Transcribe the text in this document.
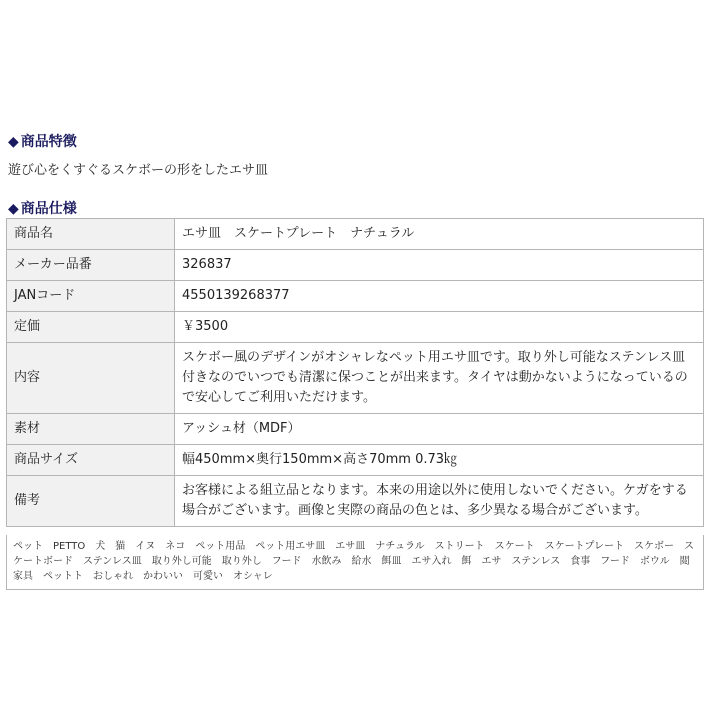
◆ 商品特徴
遊び心をくすぐるスケボーの形をしたエサ皿
◆ 商品仕様
商品名	エサ皿　スケートプレート　ナチュラル
メーカー品番	326837
JANコード	4550139268377
定価	￥3500
内容	スケボー風のデザインがオシャレなペット用エサ皿です。取り外し可能なステンレス皿付きなのでいつでも清潔に保つことが出来ます。タイヤは動かないようになっているので安心してご利用いただけます。
素材	アッシュ材（MDF）
商品サイズ	幅450mm×奥行150mm×高さ70mm 0.73㎏
備考	お客様による組立品となります。本来の用途以外に使用しないでください。ケガをする場合がございます。画像と実際の商品の色とは、多少異なる場合がございます。
ペット　PETTO　犬　猫　イヌ　ネコ　ペット用品　ペット用エサ皿　エサ皿　ナチュラル　ストリート　スケート　スケートプレート　スケボー　スケートボード　ステンレス皿　取り外し可能　取り外し　フード　水飲み　給水　餌皿　エサ入れ　餌　エサ　ステンレス　食事　フード　ボウル　閲家具　ペットト　おしゃれ　かわいい　可愛い　オシャレ
